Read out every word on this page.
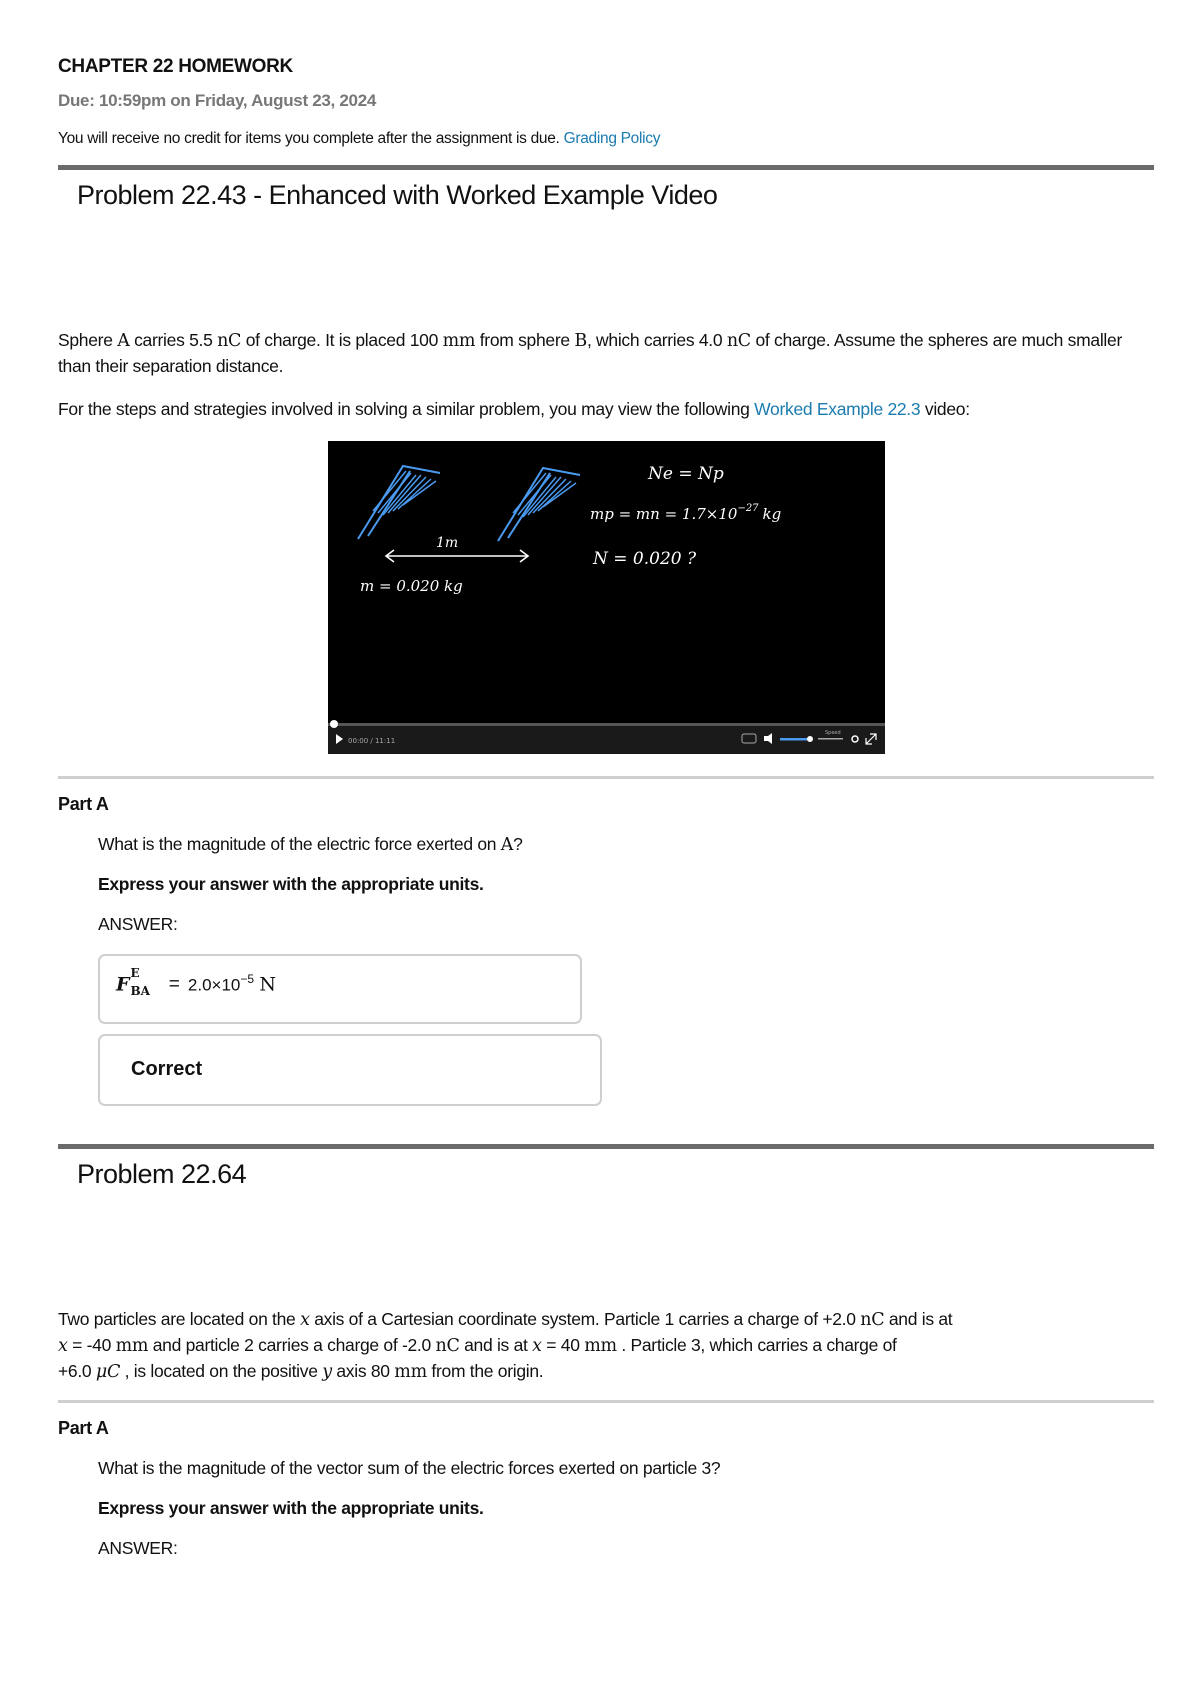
CHAPTER 22 HOMEWORK
Due: 10:59pm on Friday, August 23, 2024
You will receive no credit for items you complete after the assignment is due. Grading Policy
Problem 22.43 - Enhanced with Worked Example Video
Sphere A carries 5.5 nC of charge. It is placed 100 mm from sphere B, which carries 4.0 nC of charge. Assume the spheres are much smaller than their separation distance.
For the steps and strategies involved in solving a similar problem, you may view the following Worked Example 22.3 video:
1m
m = 0.020 kg
Ne = Np
mp = mn = $1.7\times 10^{-27}$ kg
N = 0.020 ?
00:00 / 11:11
Speed
Part A
What is the magnitude of the electric force exerted on A?
Express your answer with the appropriate units.
ANSWER:
F E
BA = $2.0\times 10^{-5}$ N
Correct
Problem 22.64
Two particles are located on the x axis of a Cartesian coordinate system. Particle 1 carries a charge of +2.0 nC and is at
x = -40 mm and particle 2 carries a charge of -2.0 nC and is at x = 40 mm . Particle 3, which carries a charge of
+6.0 μC , is located on the positive y axis 80 mm from the origin.
Part A
What is the magnitude of the vector sum of the electric forces exerted on particle 3?
Express your answer with the appropriate units.
ANSWER:
